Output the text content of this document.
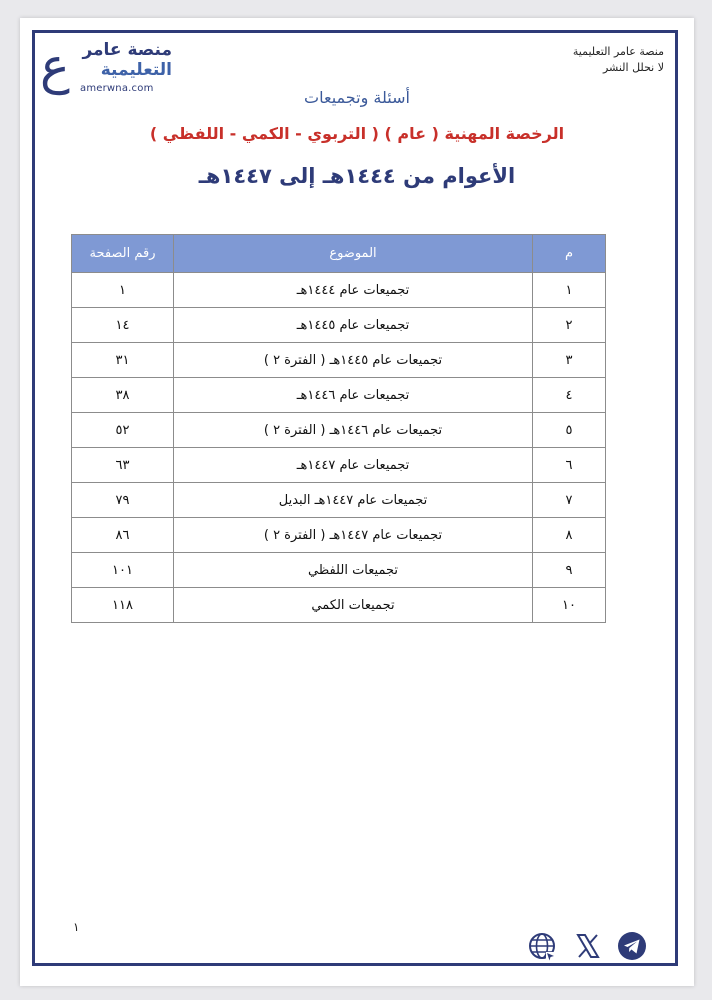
ع منصة عامر
التعليمية
amerwna.com
منصة عامر التعليمية
لا نحلل النشر
أسئلة وتجميعات
الرخصة المهنية ( عام ) ( التربوي - الكمي - اللفظي )
الأعوام من ١٤٤٤هـ إلى ١٤٤٧هـ
م	الموضوع	رقم الصفحة
١	تجميعات عام ١٤٤٤هـ	١
٢	تجميعات عام ١٤٤٥هـ	١٤
٣	تجميعات عام ١٤٤٥هـ ( الفترة ٢ )	٣١
٤	تجميعات عام ١٤٤٦هـ	٣٨
٥	تجميعات عام ١٤٤٦هـ ( الفترة ٢ )	٥٢
٦	تجميعات عام ١٤٤٧هـ	٦٣
٧	تجميعات عام ١٤٤٧هـ البديل	٧٩
٨	تجميعات عام ١٤٤٧هـ ( الفترة ٢ )	٨٦
٩	تجميعات اللفظي	١٠١
١٠	تجميعات الكمي	١١٨
١
